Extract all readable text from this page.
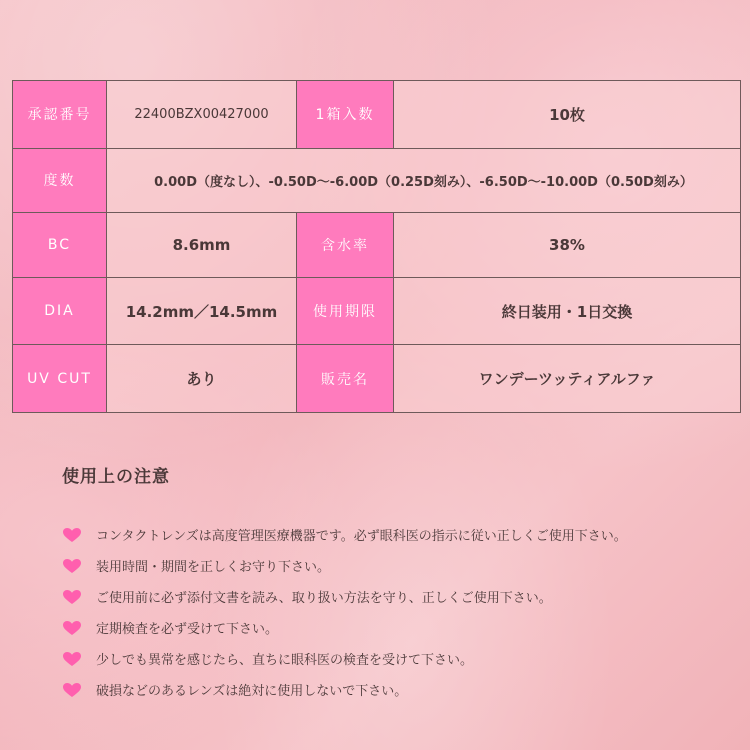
承認番号	22400BZX00427000	1箱入数	10枚
度数	0.00D（度なし）、-0.50D〜-6.00D（0.25D刻み）、-6.50D〜-10.00D（0.50D刻み）		
BC	8.6mm	含水率	38%
DIA	14.2mm／14.5mm	使用期限	終日装用・1日交換
UV CUT	あり	販売名	ワンデーツッティアルファ
使用上の注意
コンタクトレンズは高度管理医療機器です。必ず眼科医の指示に従い正しくご使用下さい。
装用時間・期間を正しくお守り下さい。
ご使用前に必ず添付文書を読み、取り扱い方法を守り、正しくご使用下さい。
定期検査を必ず受けて下さい。
少しでも異常を感じたら、直ちに眼科医の検査を受けて下さい。
破損などのあるレンズは絶対に使用しないで下さい。
